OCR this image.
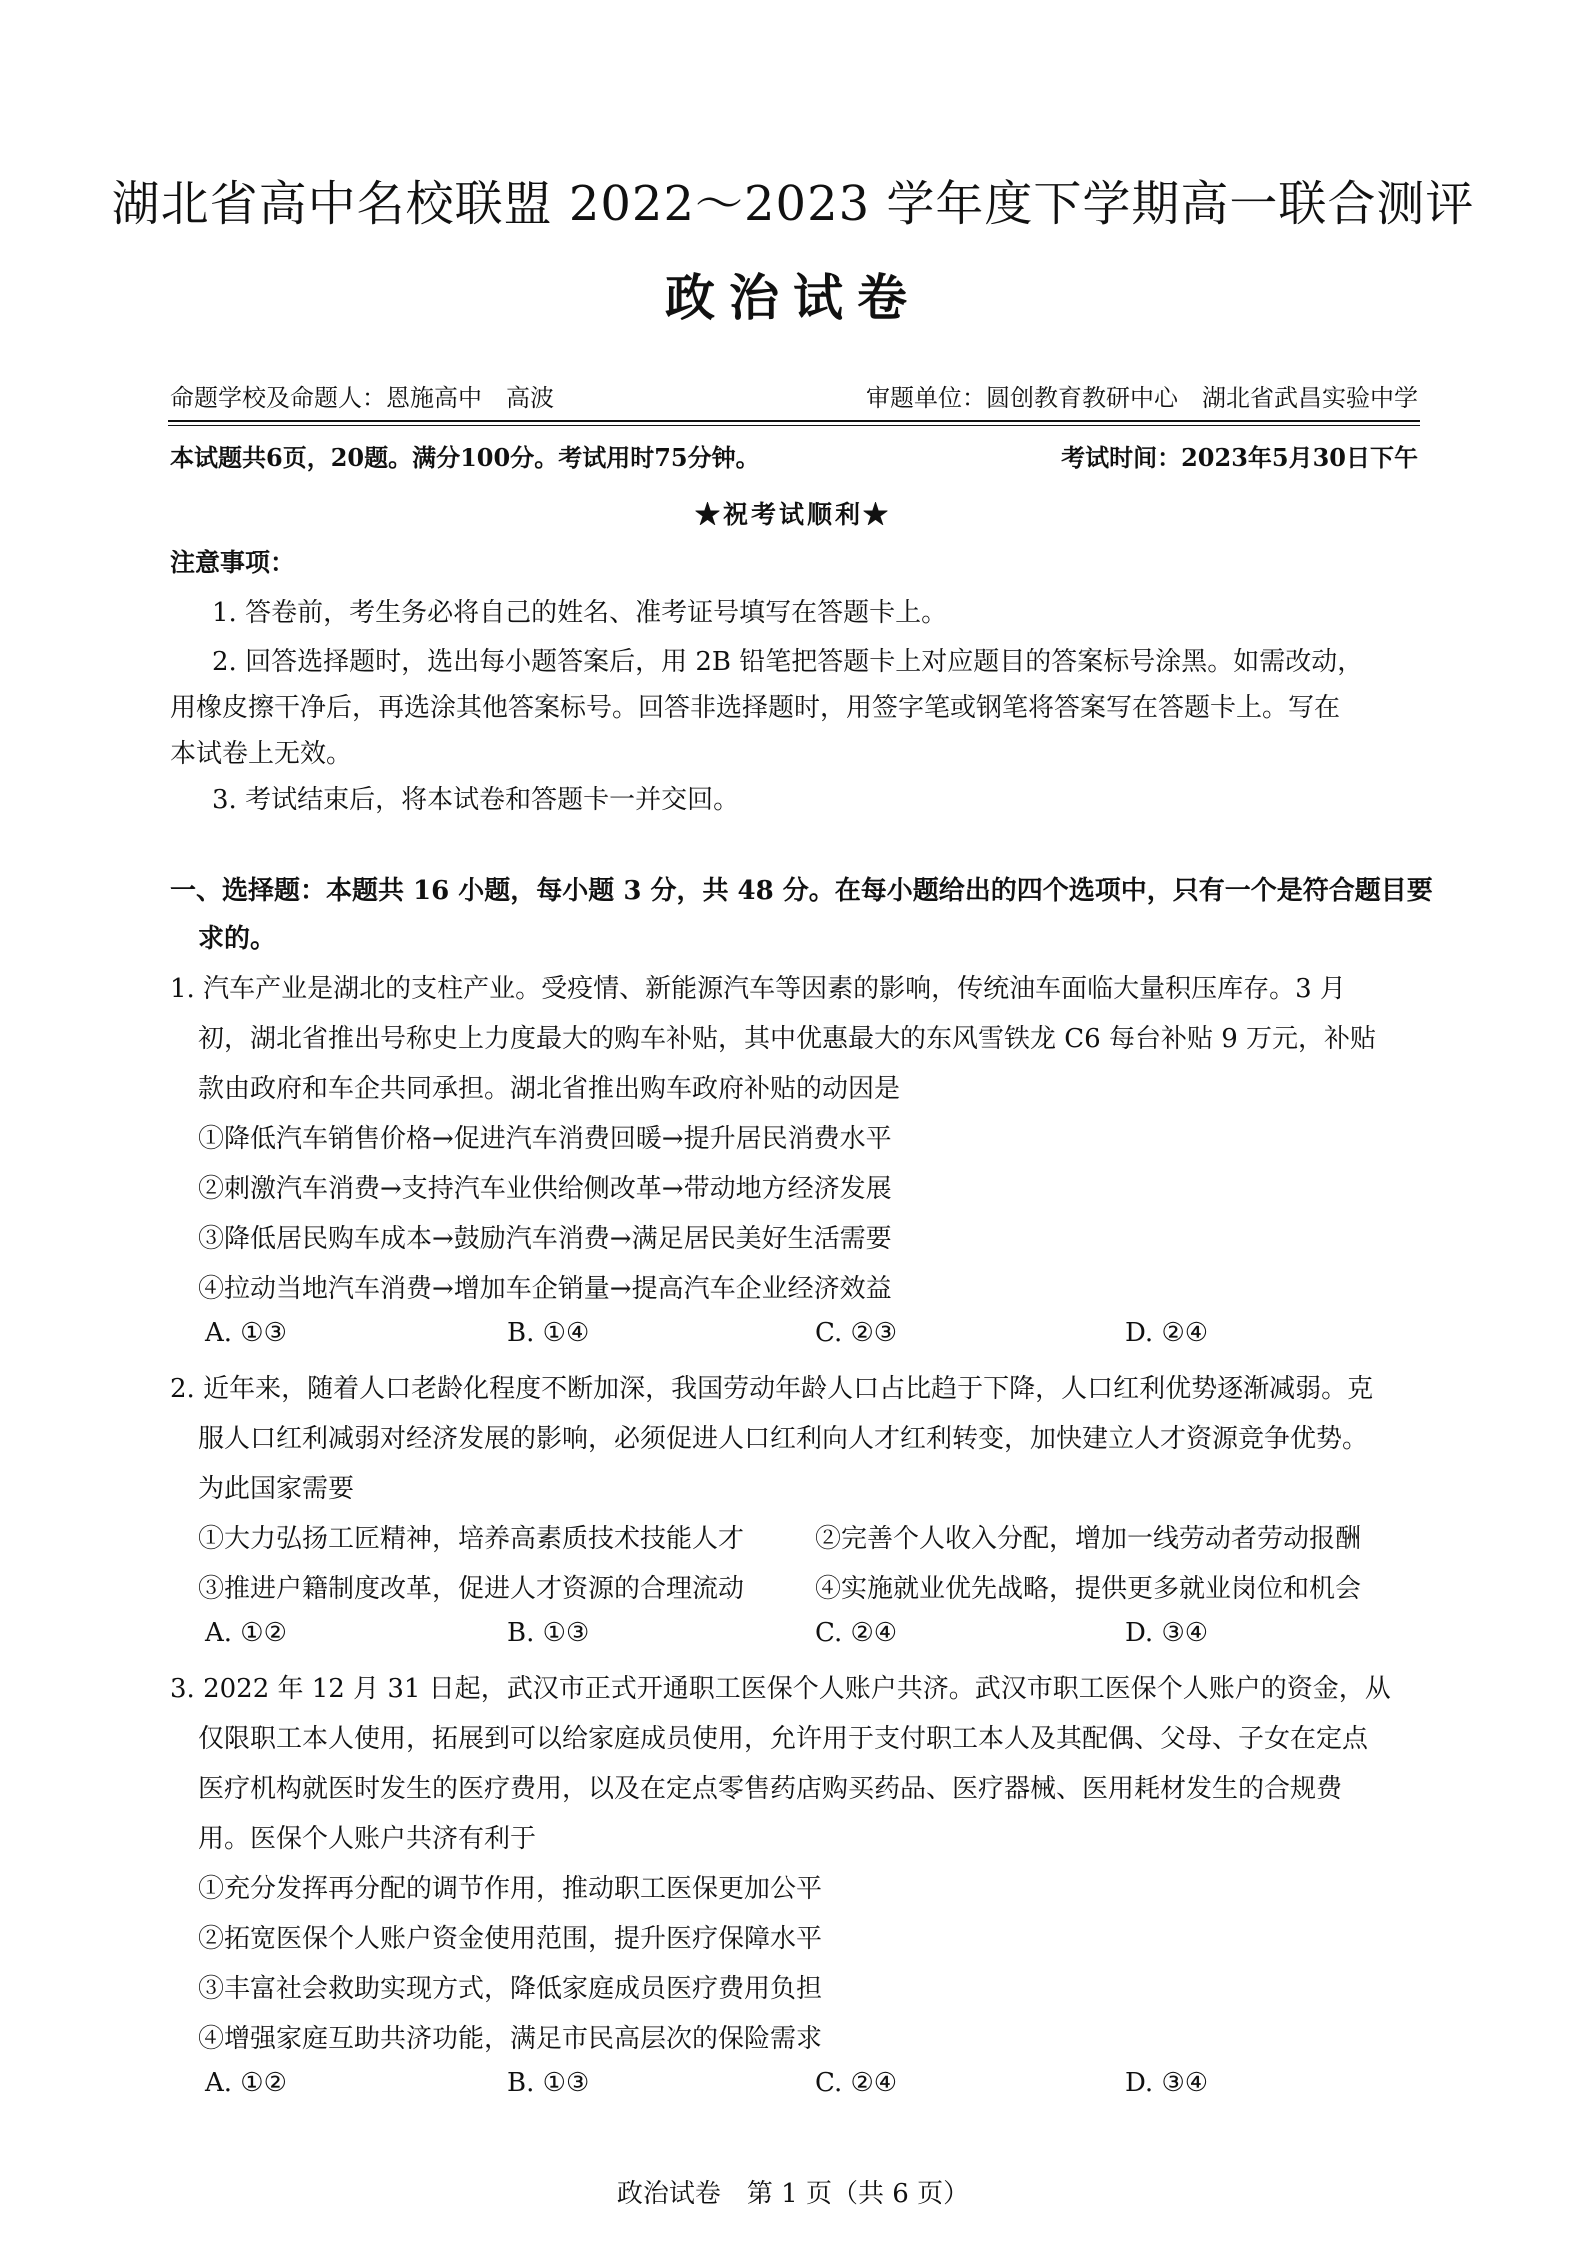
湖北省高中名校联盟 2022～2023 学年度下学期高一联合测评
政治试卷
命题学校及命题人：恩施高中　高波	审题单位：圆创教育教研中心　湖北省武昌实验中学
本试题共6页，20题。满分100分。考试用时75分钟。	考试时间：2023年5月30日下午
★祝考试顺利★
注意事项：
1. 答卷前，考生务必将自己的姓名、准考证号填写在答题卡上。
2. 回答选择题时，选出每小题答案后，用 2B 铅笔把答题卡上对应题目的答案标号涂黑。如需改动，
用橡皮擦干净后，再选涂其他答案标号。回答非选择题时，用签字笔或钢笔将答案写在答题卡上。写在
本试卷上无效。
3. 考试结束后，将本试卷和答题卡一并交回。
一、选择题：本题共 16 小题，每小题 3 分，共 48 分。在每小题给出的四个选项中，只有一个是符合题目要
求的。
1. 汽车产业是湖北的支柱产业。受疫情、新能源汽车等因素的影响，传统油车面临大量积压库存。3 月
初，湖北省推出号称史上力度最大的购车补贴，其中优惠最大的东风雪铁龙 C6 每台补贴 9 万元，补贴
款由政府和车企共同承担。湖北省推出购车政府补贴的动因是
①降低汽车销售价格→促进汽车消费回暖→提升居民消费水平
②刺激汽车消费→支持汽车业供给侧改革→带动地方经济发展
③降低居民购车成本→鼓励汽车消费→满足居民美好生活需要
④拉动当地汽车消费→增加车企销量→提高汽车企业经济效益
A. ①③	B. ①④	C. ②③	D. ②④
2. 近年来，随着人口老龄化程度不断加深，我国劳动年龄人口占比趋于下降，人口红利优势逐渐减弱。克
服人口红利减弱对经济发展的影响，必须促进人口红利向人才红利转变，加快建立人才资源竞争优势。
为此国家需要
①大力弘扬工匠精神，培养高素质技术技能人才	②完善个人收入分配，增加一线劳动者劳动报酬
③推进户籍制度改革，促进人才资源的合理流动	④实施就业优先战略，提供更多就业岗位和机会
A. ①②	B. ①③	C. ②④	D. ③④
3. 2022 年 12 月 31 日起，武汉市正式开通职工医保个人账户共济。武汉市职工医保个人账户的资金，从
仅限职工本人使用，拓展到可以给家庭成员使用，允许用于支付职工本人及其配偶、父母、子女在定点
医疗机构就医时发生的医疗费用，以及在定点零售药店购买药品、医疗器械、医用耗材发生的合规费
用。医保个人账户共济有利于
①充分发挥再分配的调节作用，推动职工医保更加公平
②拓宽医保个人账户资金使用范围，提升医疗保障水平
③丰富社会救助实现方式，降低家庭成员医疗费用负担
④增强家庭互助共济功能，满足市民高层次的保险需求
A. ①②	B. ①③	C. ②④	D. ③④
政治试卷　第 1 页（共 6 页）
